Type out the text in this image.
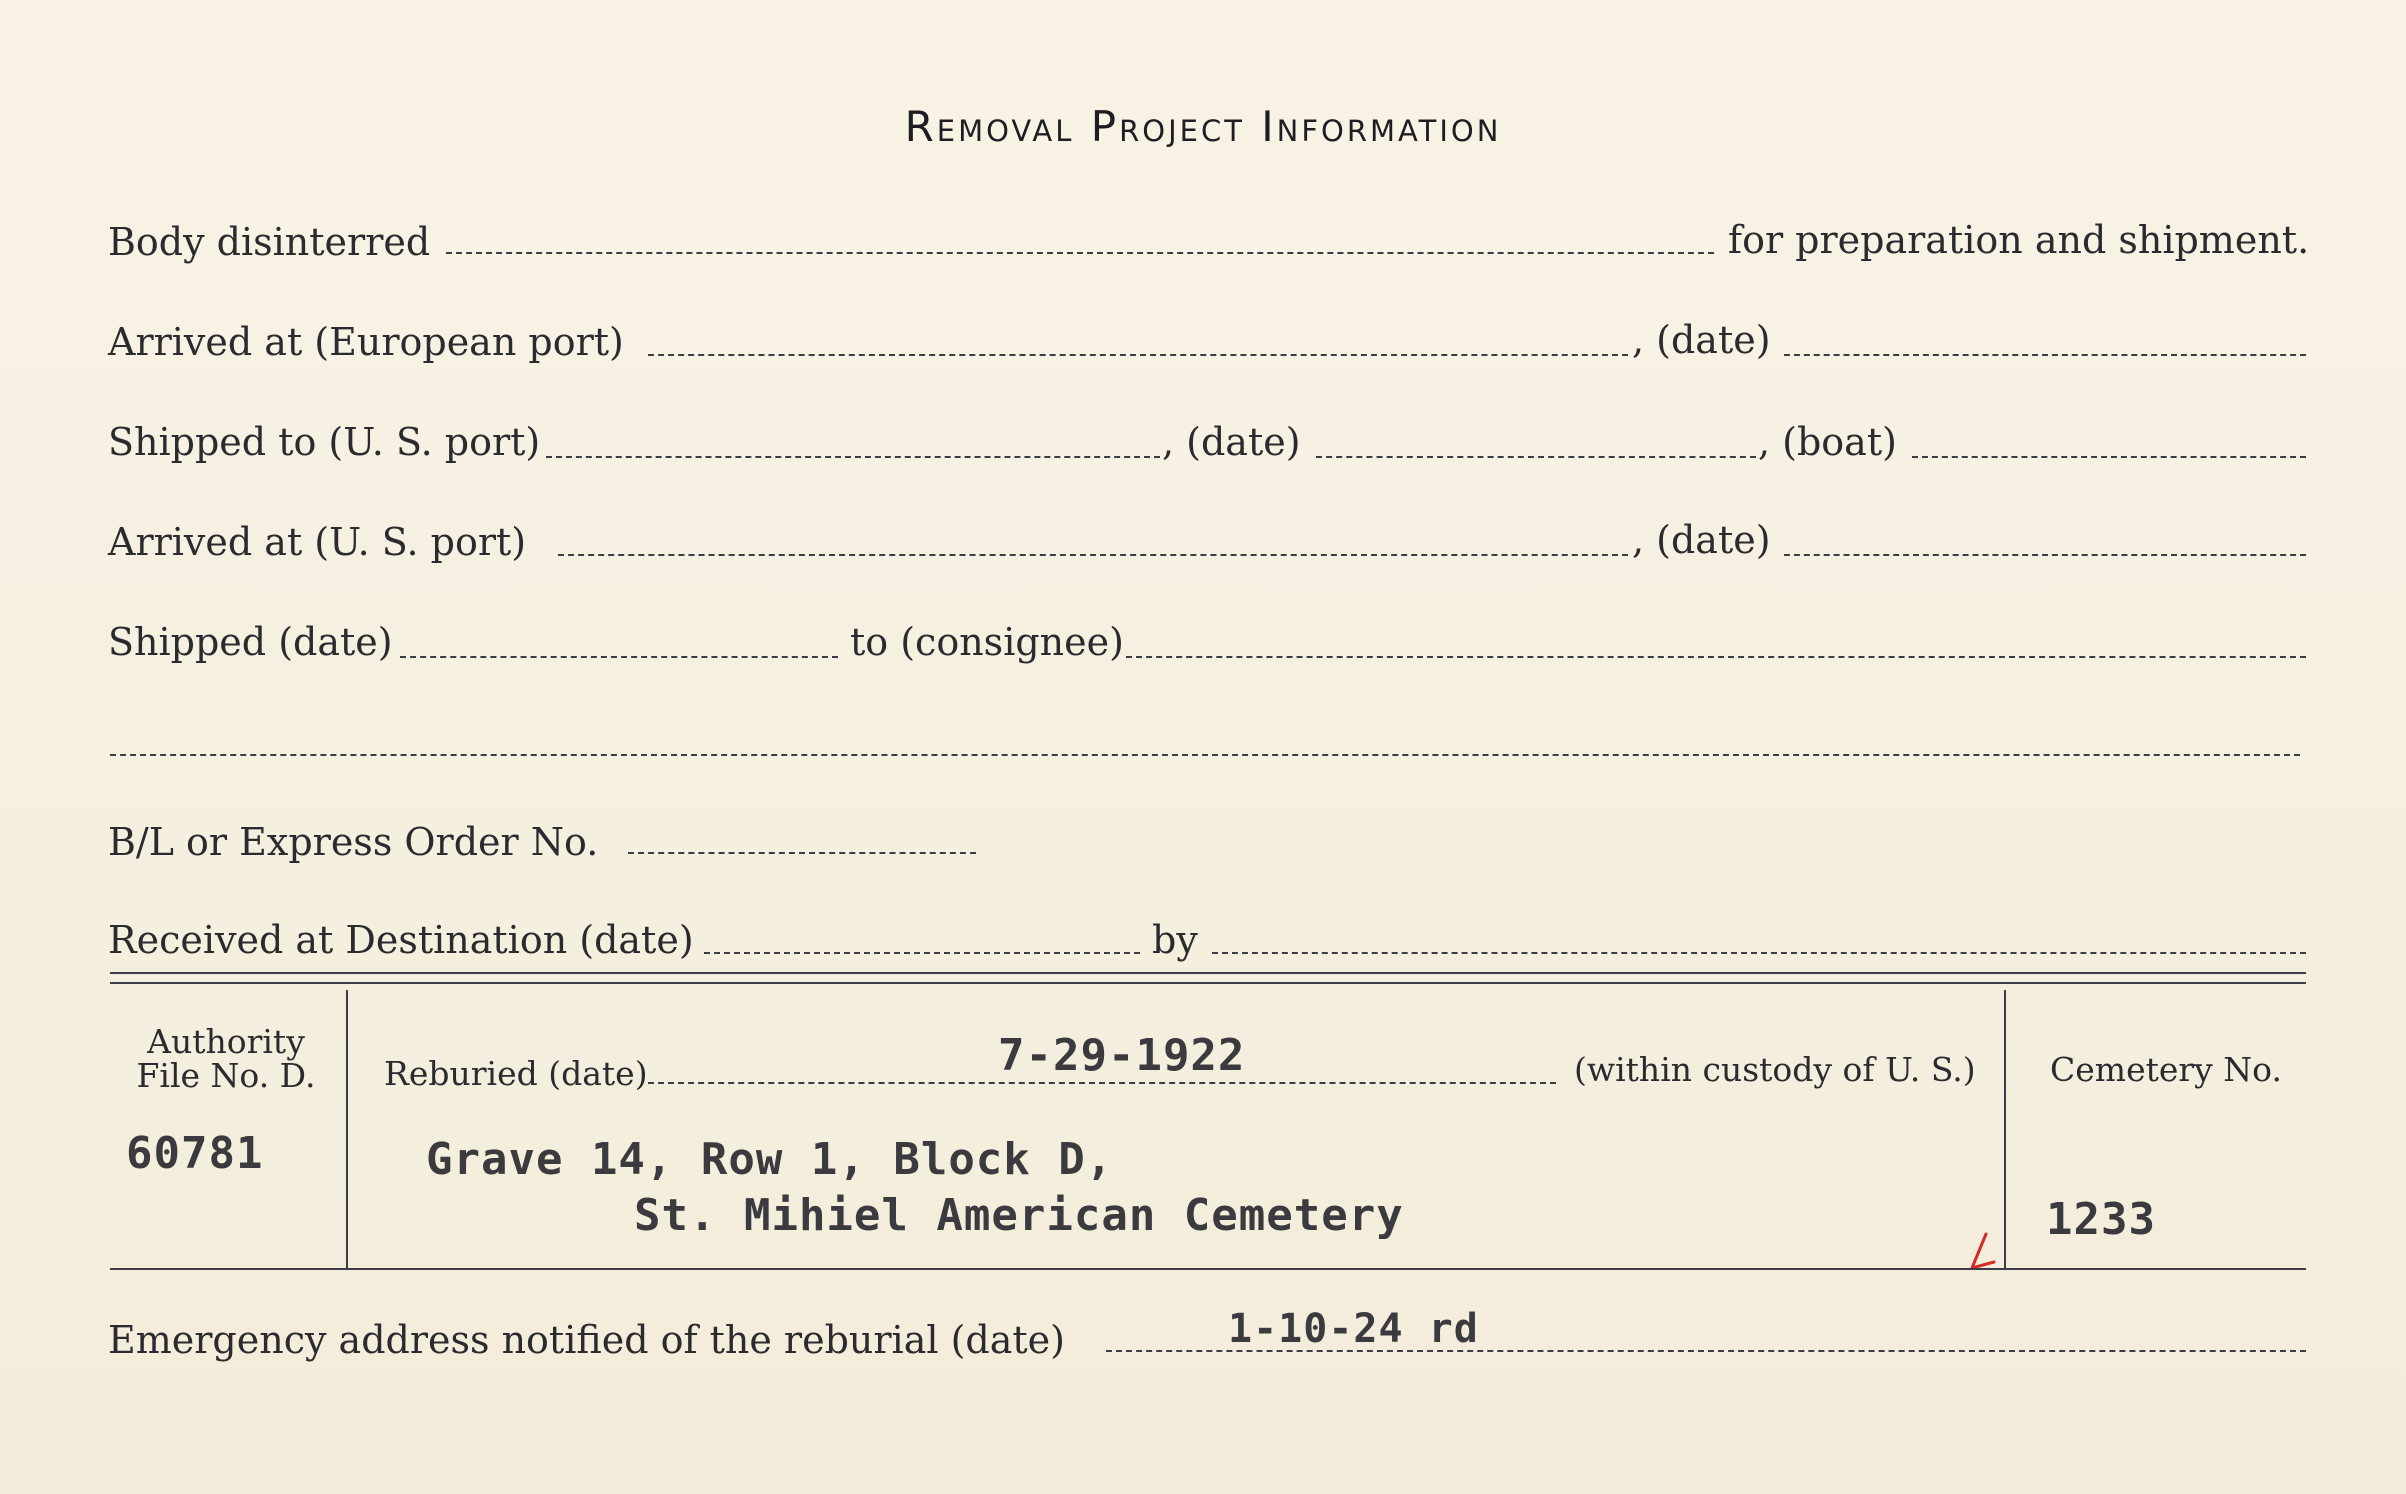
Removal Project Information
Body disinterred	for preparation and shipment.
Arrived at (European port)	, (date)
Shipped to (U. S. port)	, (date)	, (boat)
Arrived at (U. S. port)	, (date)
Shipped (date)	to (consignee)
B/L or Express Order No.
Received at Destination (date)	by
Authority
File No. D.
60781
Reburied (date)	7-29-1922	(within custody of U. S.)
Grave 14, Row 1, Block D,
St. Mihiel American Cemetery
Cemetery No.
1233
Emergency address notified of the reburial (date)	1-10-24 rd
